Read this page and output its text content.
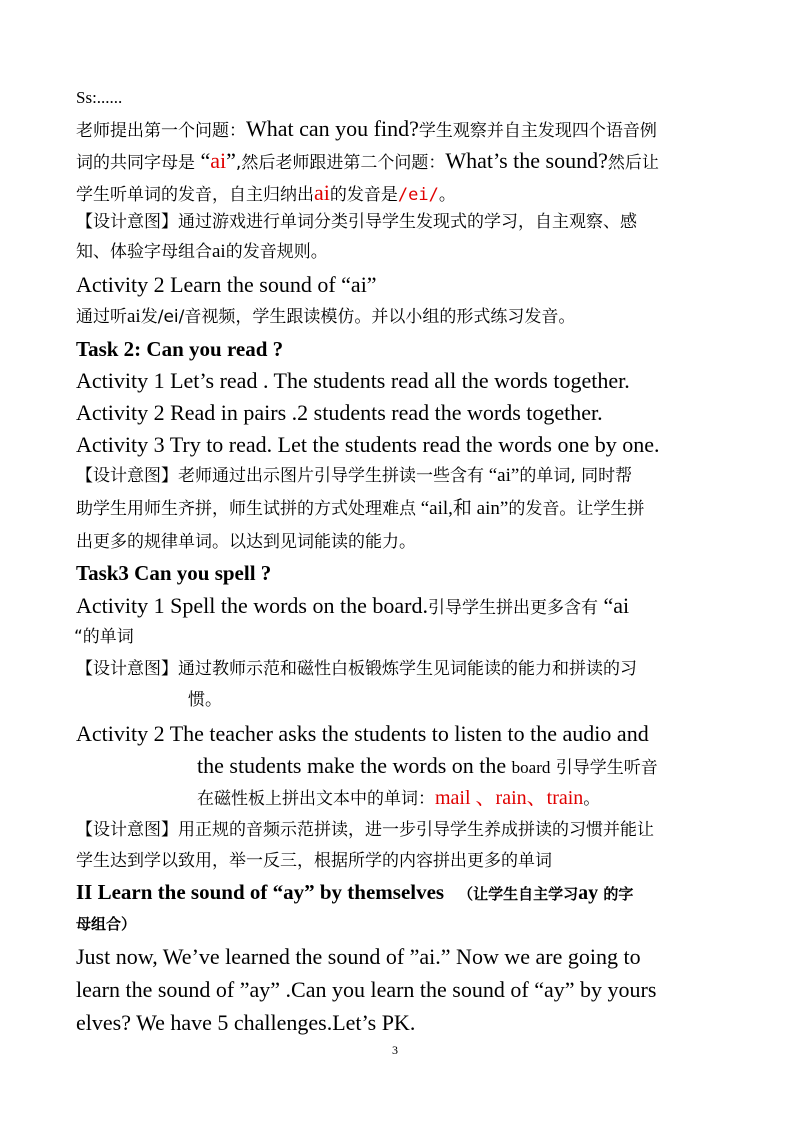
Ss:......
老师提出第一个问题：What can you find?学生观察并自主发现四个语音例
词的共同字母是 “ai”,然后老师跟进第二个问题：What’s the sound?然后让
学生听单词的发音，自主归纳出ai的发音是/ei/。
【设计意图】通过游戏进行单词分类引导学生发现式的学习，自主观察、感
知、体验字母组合ai的发音规则。
Activity 2 Learn the sound of “ai”
通过听ai发/ei/音视频，学生跟读模仿。并以小组的形式练习发音。
Task 2: Can you read ?
Activity 1 Let’s read . The students read all the words together.
Activity 2 Read in pairs .2 students read the words together.
Activity 3 Try to read. Let the students read the words one by one.
【设计意图】老师通过出示图片引导学生拼读一些含有 “ai”的单词, 同时帮
助学生用师生齐拼，师生试拼的方式处理难点 “ail,和 ain”的发音。让学生拼
出更多的规律单词。以达到见词能读的能力。
Task3 Can you spell ?
Activity 1 Spell the words on the board.引导学生拼出更多含有 “ai
“的单词
【设计意图】通过教师示范和磁性白板锻炼学生见词能读的能力和拼读的习
惯。
Activity 2 The teacher asks the students to listen to the audio and
the students make the words on the board 引导学生听音
在磁性板上拼出文本中的单词：mail 、rain、train。
【设计意图】用正规的音频示范拼读，进一步引导学生养成拼读的习惯并能让
学生达到学以致用，举一反三，根据所学的内容拼出更多的单词
II Learn the sound of “ay” by themselves （让学生自主学习ay 的字
母组合）
Just now, We’ve learned the sound of ”ai.” Now we are going to
learn the sound of ”ay” .Can you learn the sound of “ay” by yours
elves? We have 5 challenges.Let’s PK.
3
